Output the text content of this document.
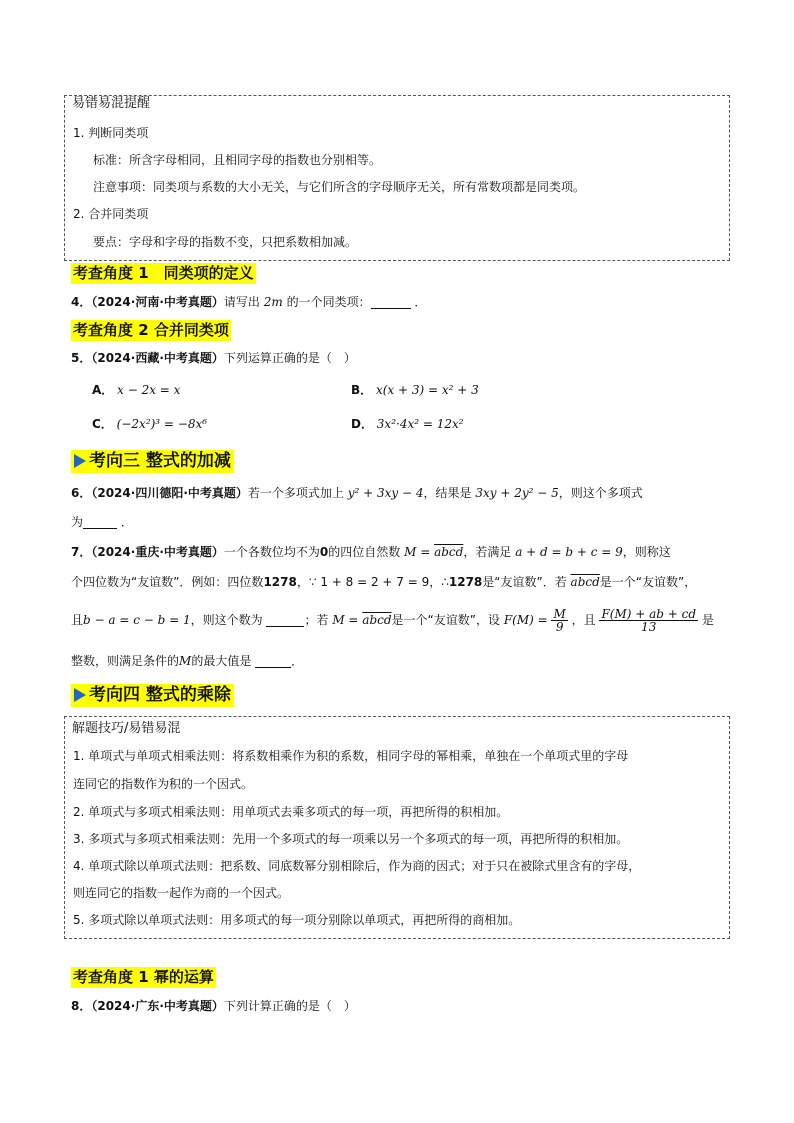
易错易混提醒
1. 判断同类项
标准：所含字母相同，且相同字母的指数也分别相等。
注意事项：同类项与系数的大小无关，与它们所含的字母顺序无关，所有常数项都是同类项。
2. 合并同类项
要点：字母和字母的指数不变，只把系数相加减。
考查角度 1　同类项的定义
4．（2024·河南·中考真题）请写出 2m 的一个同类项：	．
考查角度 2 合并同类项
5．（2024·西藏·中考真题）下列运算正确的是（　）
A． x − 2x = x	B． x(x + 3) = x² + 3
C． (−2x²)³ = −8x⁶	D． 3x²·4x² = 12x²
考向三 整式的加减
6．（2024·四川德阳·中考真题）若一个多项式加上 y² + 3xy − 4，结果是 3xy + 2y² − 5，则这个多项式
为	．
7．（2024·重庆·中考真题）一个各数位均不为0的四位自然数 M = abcd，若满足 a + d = b + c = 9，则称这
个四位数为“友谊数”．例如：四位数1278，∵ 1 + 8 = 2 + 7 = 9，∴1278是“友谊数”．若 abcd是一个“友谊数”，
且b − a = c − b = 1，则这个数为	；若 M = abcd是一个“友谊数”，设 $F(M) = \frac{M}{9}$ ，且 $\frac{F(M) + ab + cd}{13}$ 是
整数，则满足条件的M的最大值是	．
考向四 整式的乘除
解题技巧/易错易混
1. 单项式与单项式相乘法则：将系数相乘作为积的系数，相同字母的幂相乘，单独在一个单项式里的字母
连同它的指数作为积的一个因式。
2. 单项式与多项式相乘法则：用单项式去乘多项式的每一项，再把所得的积相加。
3. 多项式与多项式相乘法则：先用一个多项式的每一项乘以另一个多项式的每一项，再把所得的积相加。
4. 单项式除以单项式法则：把系数、同底数幂分别相除后，作为商的因式；对于只在被除式里含有的字母，
则连同它的指数一起作为商的一个因式。
5. 多项式除以单项式法则：用多项式的每一项分别除以单项式，再把所得的商相加。
考查角度 1 幂的运算
8．（2024·广东·中考真题）下列计算正确的是（　）
